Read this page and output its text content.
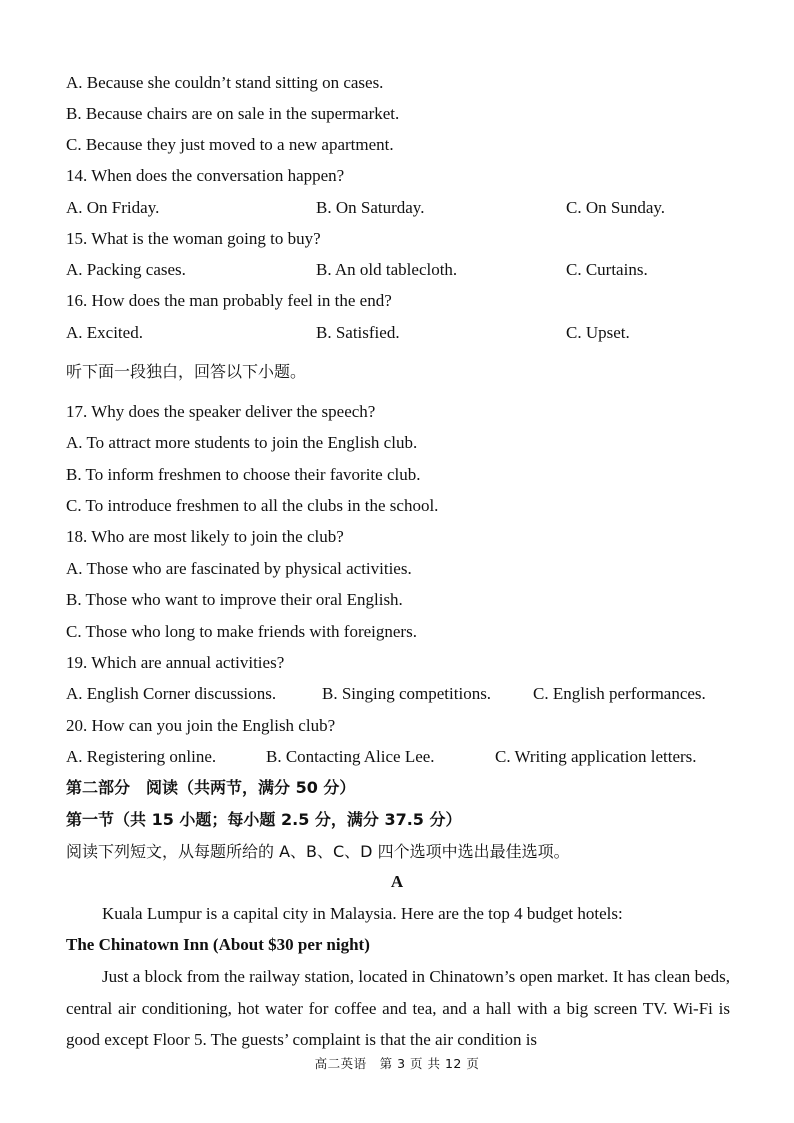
A. Because she couldn’t stand sitting on cases.
B. Because chairs are on sale in the supermarket.
C. Because they just moved to a new apartment.
14. When does the conversation happen?
A. On Friday.	B. On Saturday.	C. On Sunday.
15. What is the woman going to buy?
A. Packing cases.	B. An old tablecloth.	C. Curtains.
16. How does the man probably feel in the end?
A. Excited.	B. Satisfied.	C. Upset.
听下面一段独白，回答以下小题。
17. Why does the speaker deliver the speech?
A. To attract more students to join the English club.
B. To inform freshmen to choose their favorite club.
C. To introduce freshmen to all the clubs in the school.
18. Who are most likely to join the club?
A. Those who are fascinated by physical activities.
B. Those who want to improve their oral English.
C. Those who long to make friends with foreigners.
19. Which are annual activities?
A. English Corner discussions.	B. Singing competitions. C. English performances.
20. How can you join the English club?
A. Registering online.	B. Contacting Alice Lee.	C. Writing application letters.
第二部分　阅读（共两节，满分 50 分）
第一节（共 15 小题；每小题 2.5 分，满分 37.5 分）
阅读下列短文，从每题所给的 A、B、C、D 四个选项中选出最佳选项。
A
Kuala Lumpur is a capital city in Malaysia. Here are the top 4 budget hotels:
The Chinatown Inn (About $30 per night)
Just a block from the railway station, located in Chinatown’s open market. It has clean beds, central air conditioning, hot water for coffee and tea, and a hall with a big screen TV. Wi-Fi is good except Floor 5. The guests’ complaint is that the air condition is
高二英语　第 3 页 共 12 页
